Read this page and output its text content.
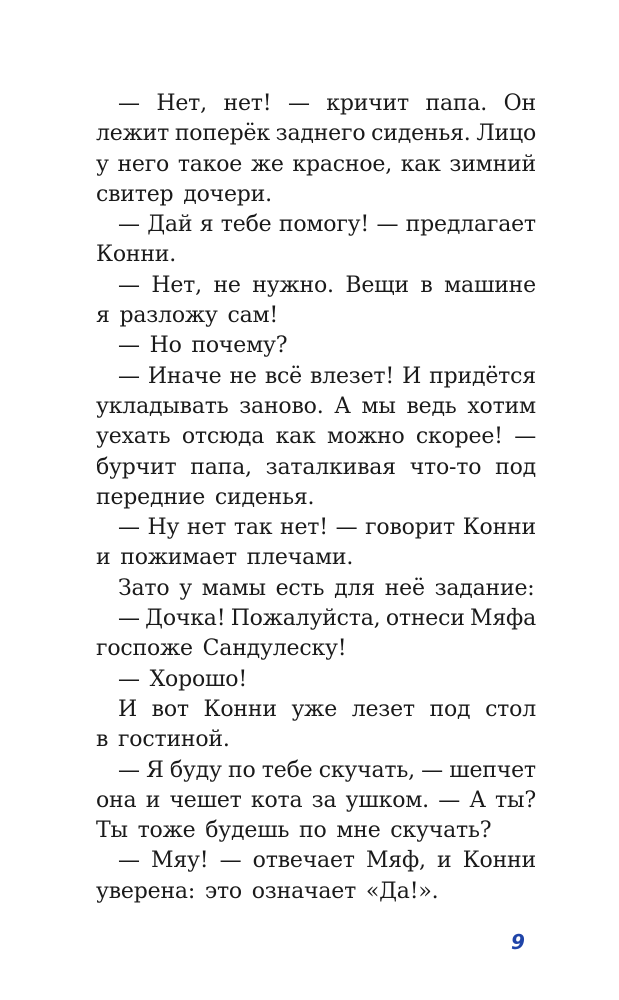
— Нет, нет! — кричит папа. Он
лежит поперёк заднего сиденья. Лицо
у него такое же красное, как зимний
свитер дочери.
— Дай я тебе помогу! — предлагает
Конни.
— Нет, не нужно. Вещи в машине
я разложу сам!
— Но почему?
— Иначе не всё влезет! И придётся
укладывать заново. А мы ведь хотим
уехать отсюда как можно скорее! —
бурчит папа, заталкивая что-то под
передние сиденья.
— Ну нет так нет! — говорит Конни
и пожимает плечами.
Зато у мамы есть для неё задание:
— Дочка! Пожалуйста, отнеси Мяфа
госпоже Сандулеску!
— Хорошо!
И вот Конни уже лезет под стол
в гостиной.
— Я буду по тебе скучать, — шепчет
она и чешет кота за ушком. — А ты?
Ты тоже будешь по мне скучать?
— Мяу! — отвечает Мяф, и Конни
уверена: это означает «Да!».
9
